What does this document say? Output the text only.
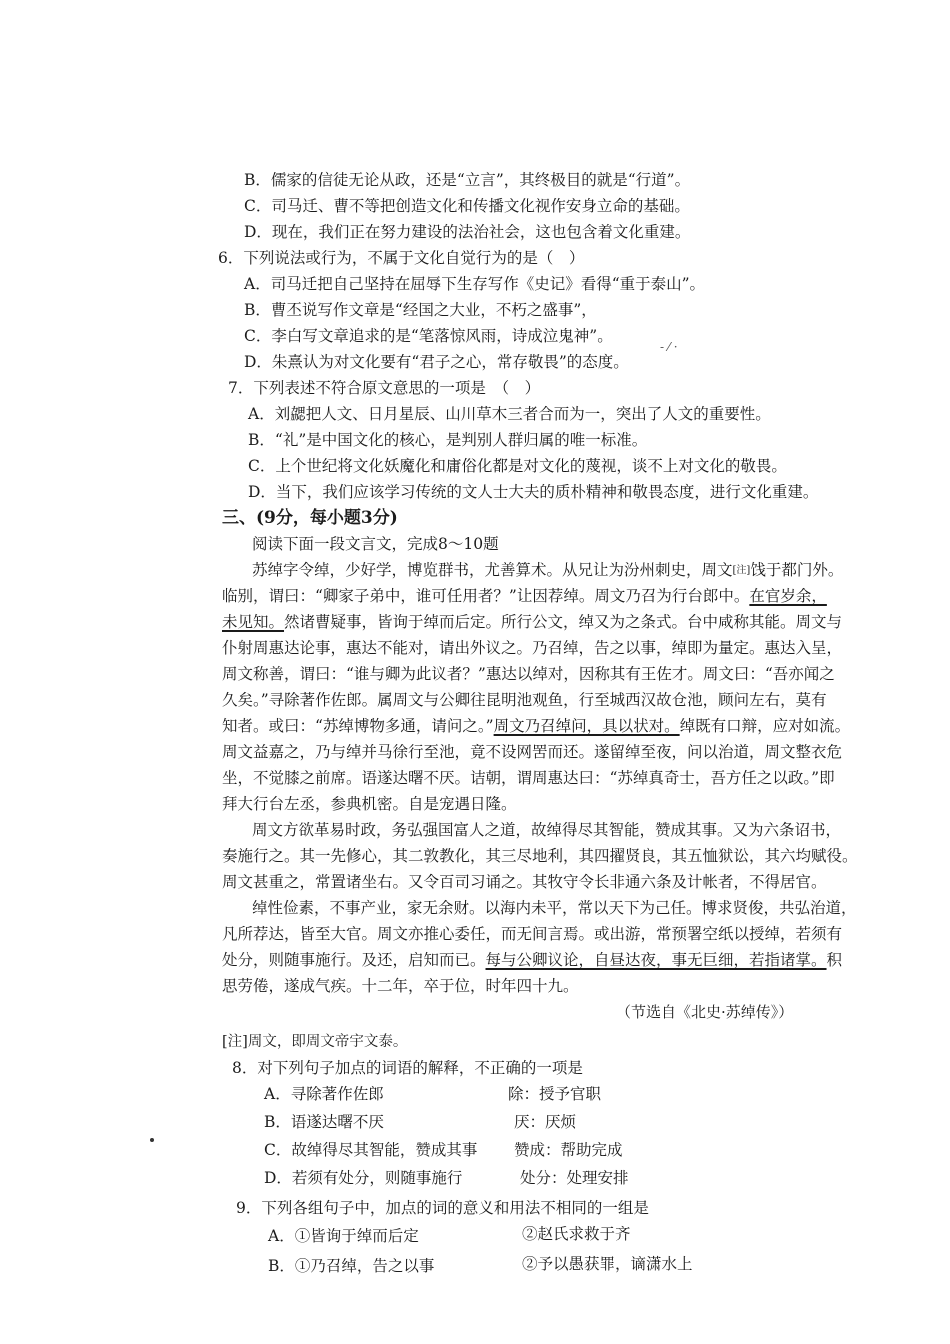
B．儒家的信徒无论从政，还是“立言”，其终极目的就是“行道”。
C．司马迁、曹不等把创造文化和传播文化视作安身立命的基础。
D．现在，我们正在努力建设的法治社会，这也包含着文化重建。
6．下列说法或行为，不属于文化自觉行为的是（　）
A．司马迁把自己坚持在屈辱下生存写作《史记》看得“重于泰山”。
B．曹丕说写作文章是“经国之大业，不朽之盛事”，
C．李白写文章追求的是“笔落惊风雨，诗成泣鬼神”。
D．朱熹认为对文化要有“君子之心，常存敬畏”的态度。
7．下列表述不符合原文意思的一项是　（　）
A．刘勰把人文、日月星辰、山川草木三者合而为一，突出了人文的重要性。
B．“礼”是中国文化的核心，是判别人群归属的唯一标准。
C．上个世纪将文化妖魔化和庸俗化都是对文化的蔑视，谈不上对文化的敬畏。
D．当下，我们应该学习传统的文人士大夫的质朴精神和敬畏态度，进行文化重建。
三、(9分，每小题3分)
阅读下面一段文言文，完成8～10题
苏绰字令绰，少好学，博览群书，尤善算术。从兄让为汾州刺史，周文[注]饯于都门外。
临别，谓曰：“卿家子弟中，谁可任用者？”让因荐绰。周文乃召为行台郎中。在官岁余，
未见知。然诸曹疑事，皆询于绰而后定。所行公文，绰又为之条式。台中咸称其能。周文与
仆射周惠达论事，惠达不能对，请出外议之。乃召绰，告之以事，绰即为量定。惠达入呈，
周文称善，谓曰：“谁与卿为此议者？”惠达以绰对，因称其有王佐才。周文曰：“吾亦闻之
久矣。”寻除著作佐郎。属周文与公卿往昆明池观鱼，行至城西汉故仓池，顾问左右，莫有
知者。或曰：“苏绰博物多通，请问之。”周文乃召绰问，具以状对。绰既有口辩，应对如流。
周文益嘉之，乃与绰并马徐行至池，竟不设网罟而还。遂留绰至夜，问以治道，周文整衣危
坐，不觉膝之前席。语遂达曙不厌。诘朝，谓周惠达曰：“苏绰真奇士，吾方任之以政。”即
拜大行台左丞，参典机密。自是宠遇日隆。
周文方欲革易时政，务弘强国富人之道，故绰得尽其智能，赞成其事。又为六条诏书，
奏施行之。其一先修心，其二敦教化，其三尽地利，其四擢贤良，其五恤狱讼，其六均赋役。
周文甚重之，常置诸坐右。又令百司习诵之。其牧守令长非通六条及计帐者，不得居官。
绰性俭素，不事产业，家无余财。以海内未平，常以天下为己任。博求贤俊，共弘治道，
凡所荐达，皆至大官。周文亦推心委任，而无间言焉。或出游，常预署空纸以授绰，若须有
处分，则随事施行。及还，启知而已。每与公卿议论，自昼达夜，事无巨细，若指诸掌。积
思劳倦，遂成气疾。十二年，卒于位，时年四十九。
（节选自《北史·苏绰传》）
[注]周文，即周文帝宇文泰。
8．对下列句子加点的词语的解释，不正确的一项是
A．寻除著作佐郎	除：授予官职
B．语遂达曙不厌	厌：厌烦
C．故绰得尽其智能，赞成其事 赞成：帮助完成
D．若须有处分，则随事施行	处分：处理安排
9．下列各组句子中，加点的词的意义和用法不相同的一组是
A．①皆询于绰而后定	②赵氏求救于齐
B．①乃召绰，告之以事	②予以愚获罪，谪潇水上
‐ ⁄ ·
